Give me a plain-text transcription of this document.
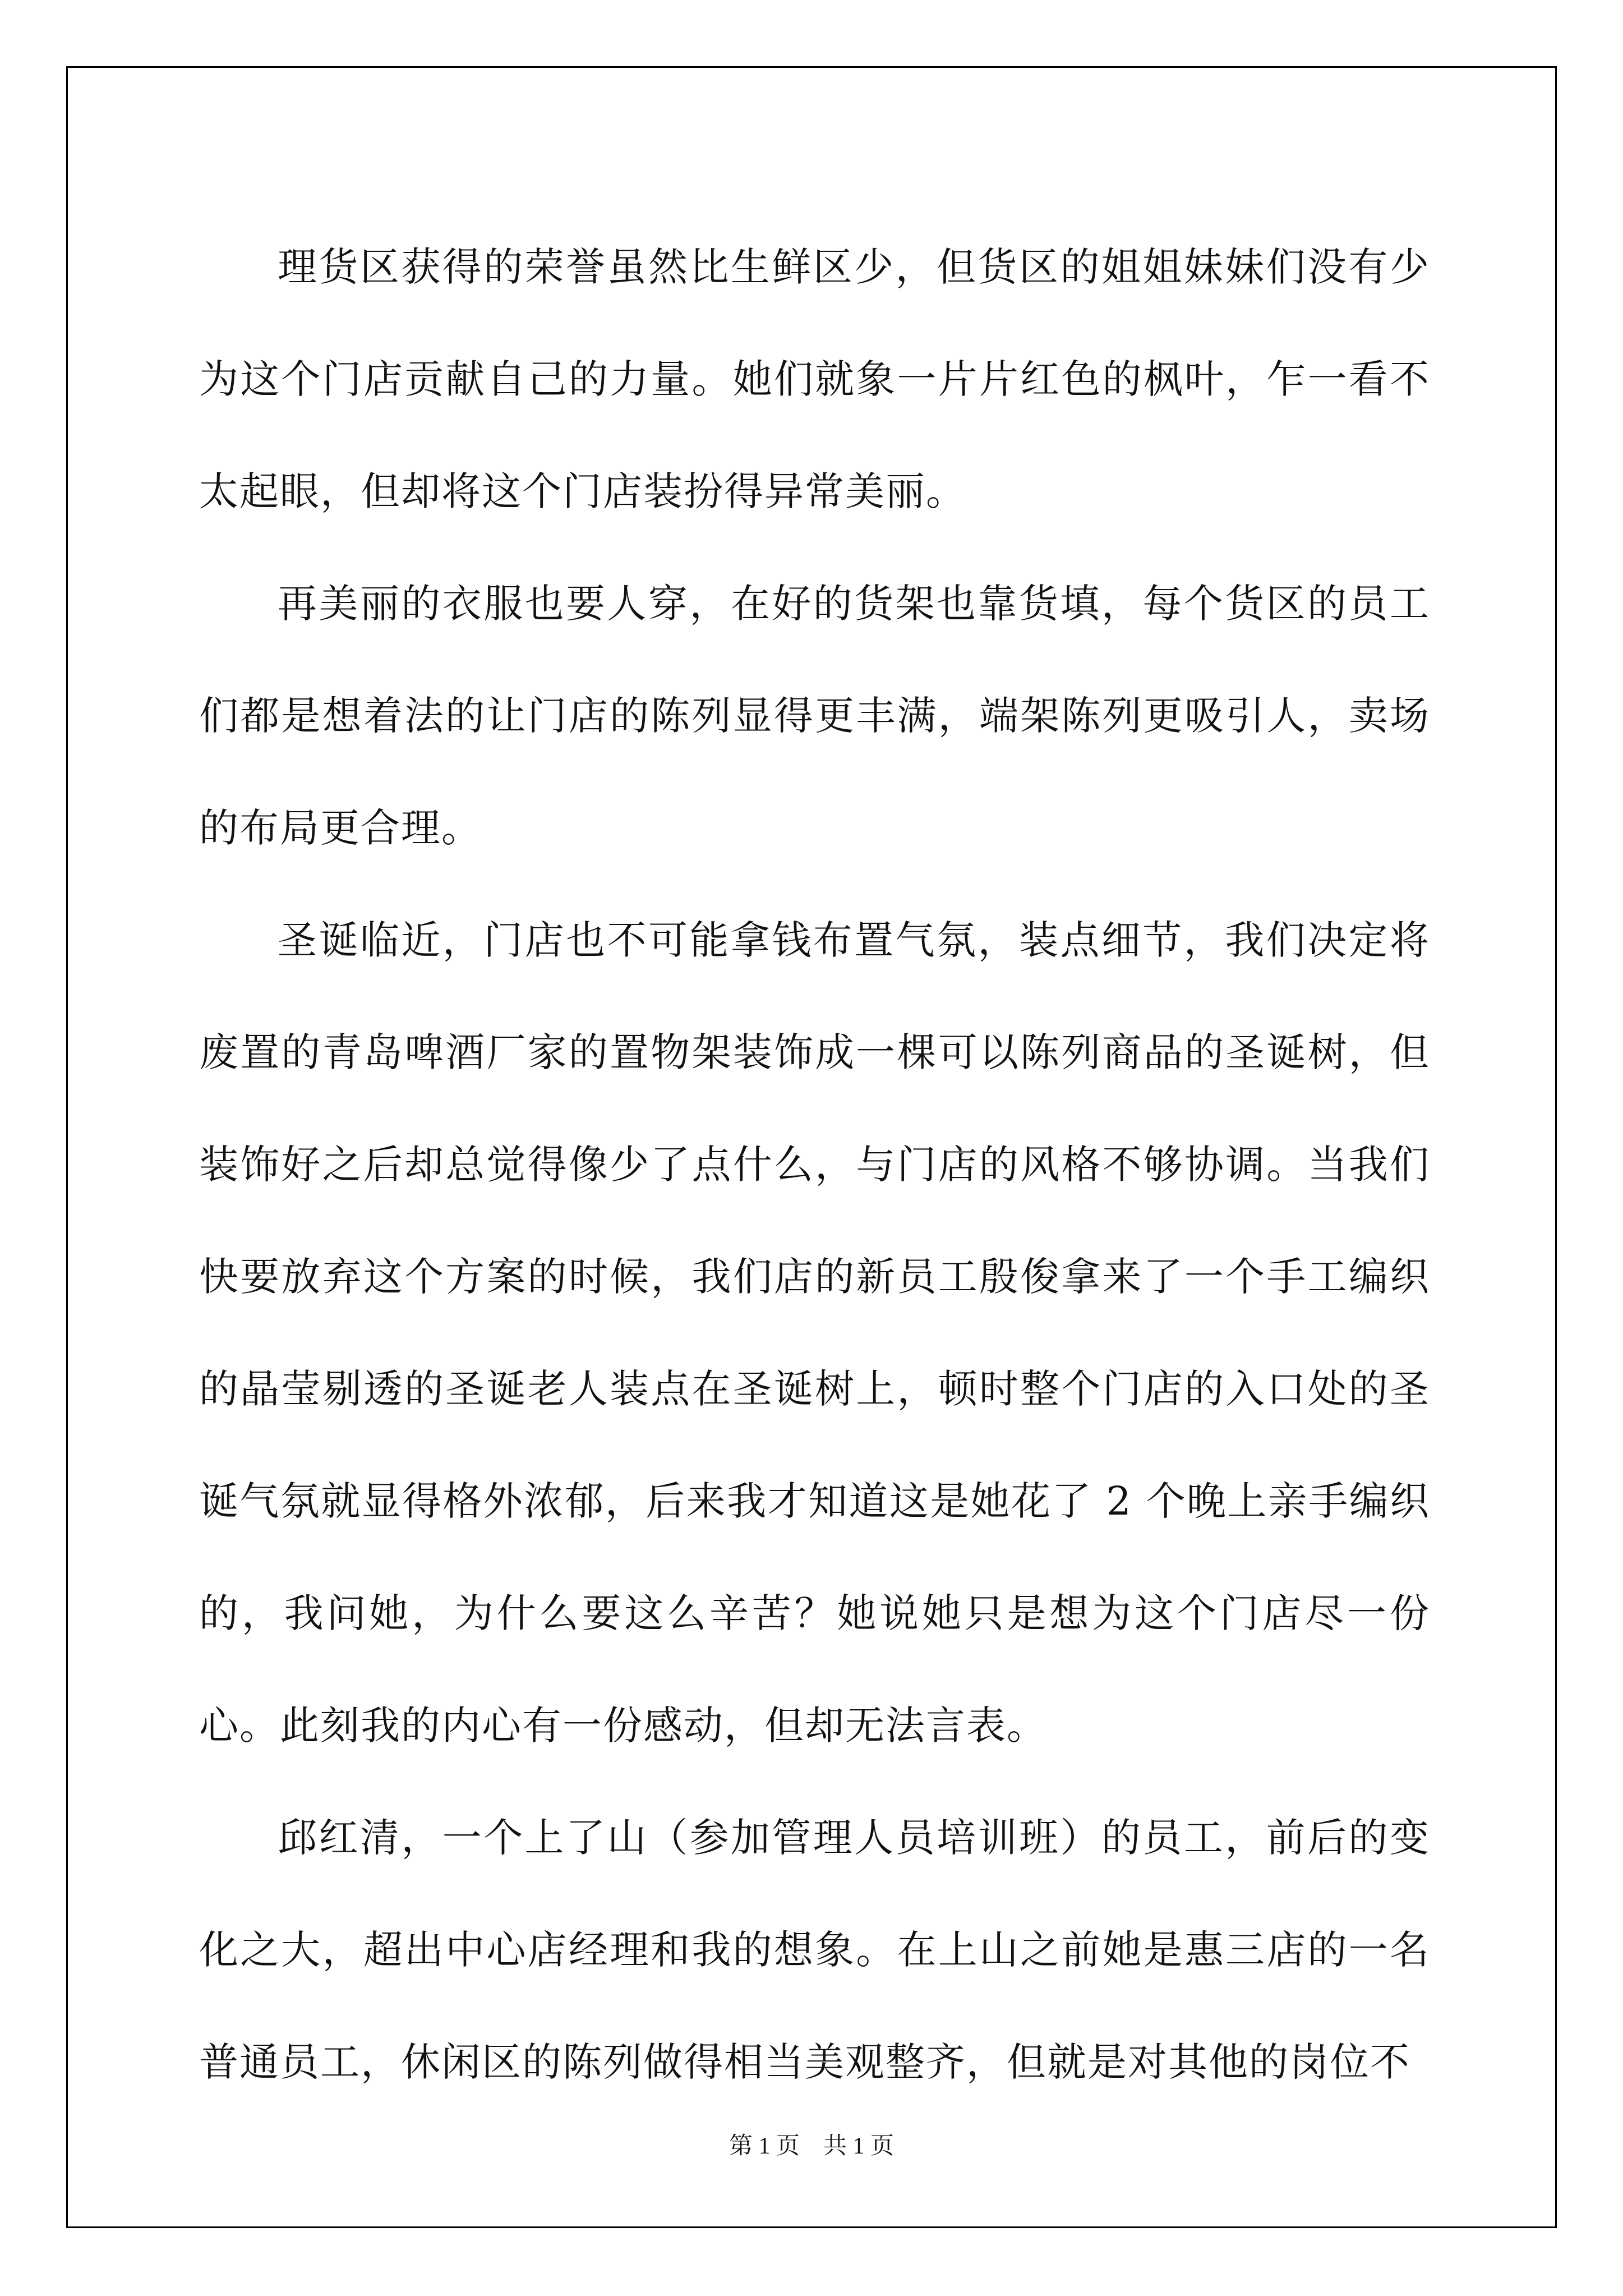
理货区获得的荣誉虽然比生鲜区少，但货区的姐姐妹妹们没有少为这个门店贡献自己的力量。她们就象一片片红色的枫叶，乍一看不太起眼，但却将这个门店装扮得异常美丽。

再美丽的衣服也要人穿，在好的货架也靠货填，每个货区的员工们都是想着法的让门店的陈列显得更丰满，端架陈列更吸引人，卖场的布局更合理。

圣诞临近，门店也不可能拿钱布置气氛，装点细节，我们决定将废置的青岛啤酒厂家的置物架装饰成一棵可以陈列商品的圣诞树，但装饰好之后却总觉得像少了点什么，与门店的风格不够协调。当我们快要放弃这个方案的时候，我们店的新员工殷俊拿来了一个手工编织的晶莹剔透的圣诞老人装点在圣诞树上，顿时整个门店的入口处的圣诞气氛就显得格外浓郁，后来我才知道这是她花了 2 个晚上亲手编织的，我问她，为什么要这么辛苦？她说她只是想为这个门店尽一份心。此刻我的内心有一份感动，但却无法言表。

邱红清，一个上了山（参加管理人员培训班）的员工，前后的变化之大，超出中心店经理和我的想象。在上山之前她是惠三店的一名普通员工，休闲区的陈列做得相当美观整齐，但就是对其他的岗位不

第 1 页    共 1 页
